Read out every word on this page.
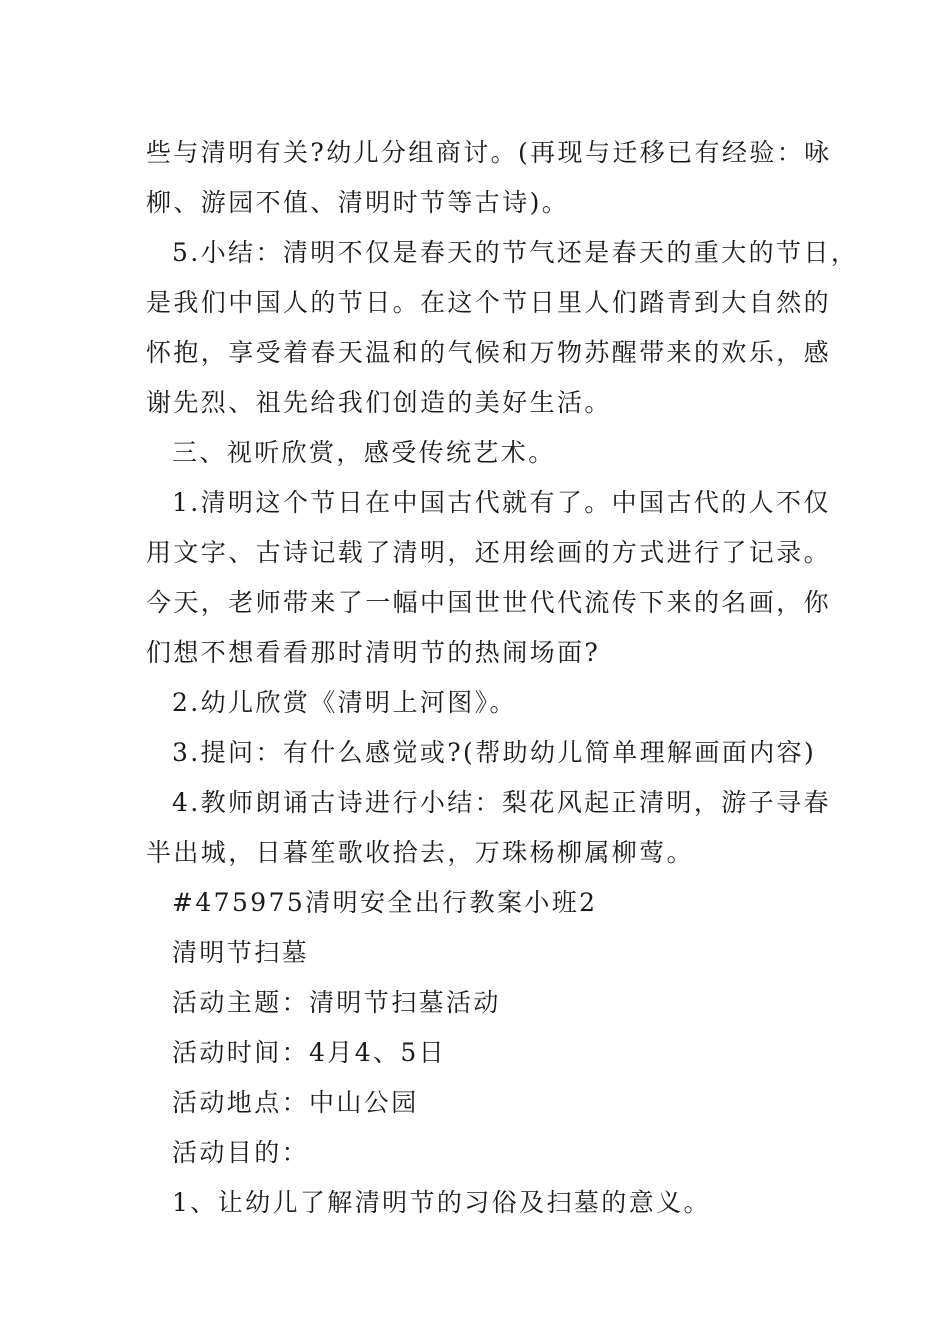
些与清明有关?幼儿分组商讨。(再现与迁移已有经验：咏
柳、游园不值、清明时节等古诗)。
5.小结：清明不仅是春天的节气还是春天的重大的节日，
是我们中国人的节日。在这个节日里人们踏青到大自然的
怀抱，享受着春天温和的气候和万物苏醒带来的欢乐，感
谢先烈、祖先给我们创造的美好生活。
三、视听欣赏，感受传统艺术。
1.清明这个节日在中国古代就有了。中国古代的人不仅
用文字、古诗记载了清明，还用绘画的方式进行了记录。
今天，老师带来了一幅中国世世代代流传下来的名画，你
们想不想看看那时清明节的热闹场面?
2.幼儿欣赏《清明上河图》。
3.提问：有什么感觉或?(帮助幼儿简单理解画面内容)
4.教师朗诵古诗进行小结：梨花风起正清明，游子寻春
半出城，日暮笙歌收拾去，万珠杨柳属柳莺。
#475975清明安全出行教案小班2
清明节扫墓
活动主题：清明节扫墓活动
活动时间：4月4、5日
活动地点：中山公园
活动目的：
1、让幼儿了解清明节的习俗及扫墓的意义。
